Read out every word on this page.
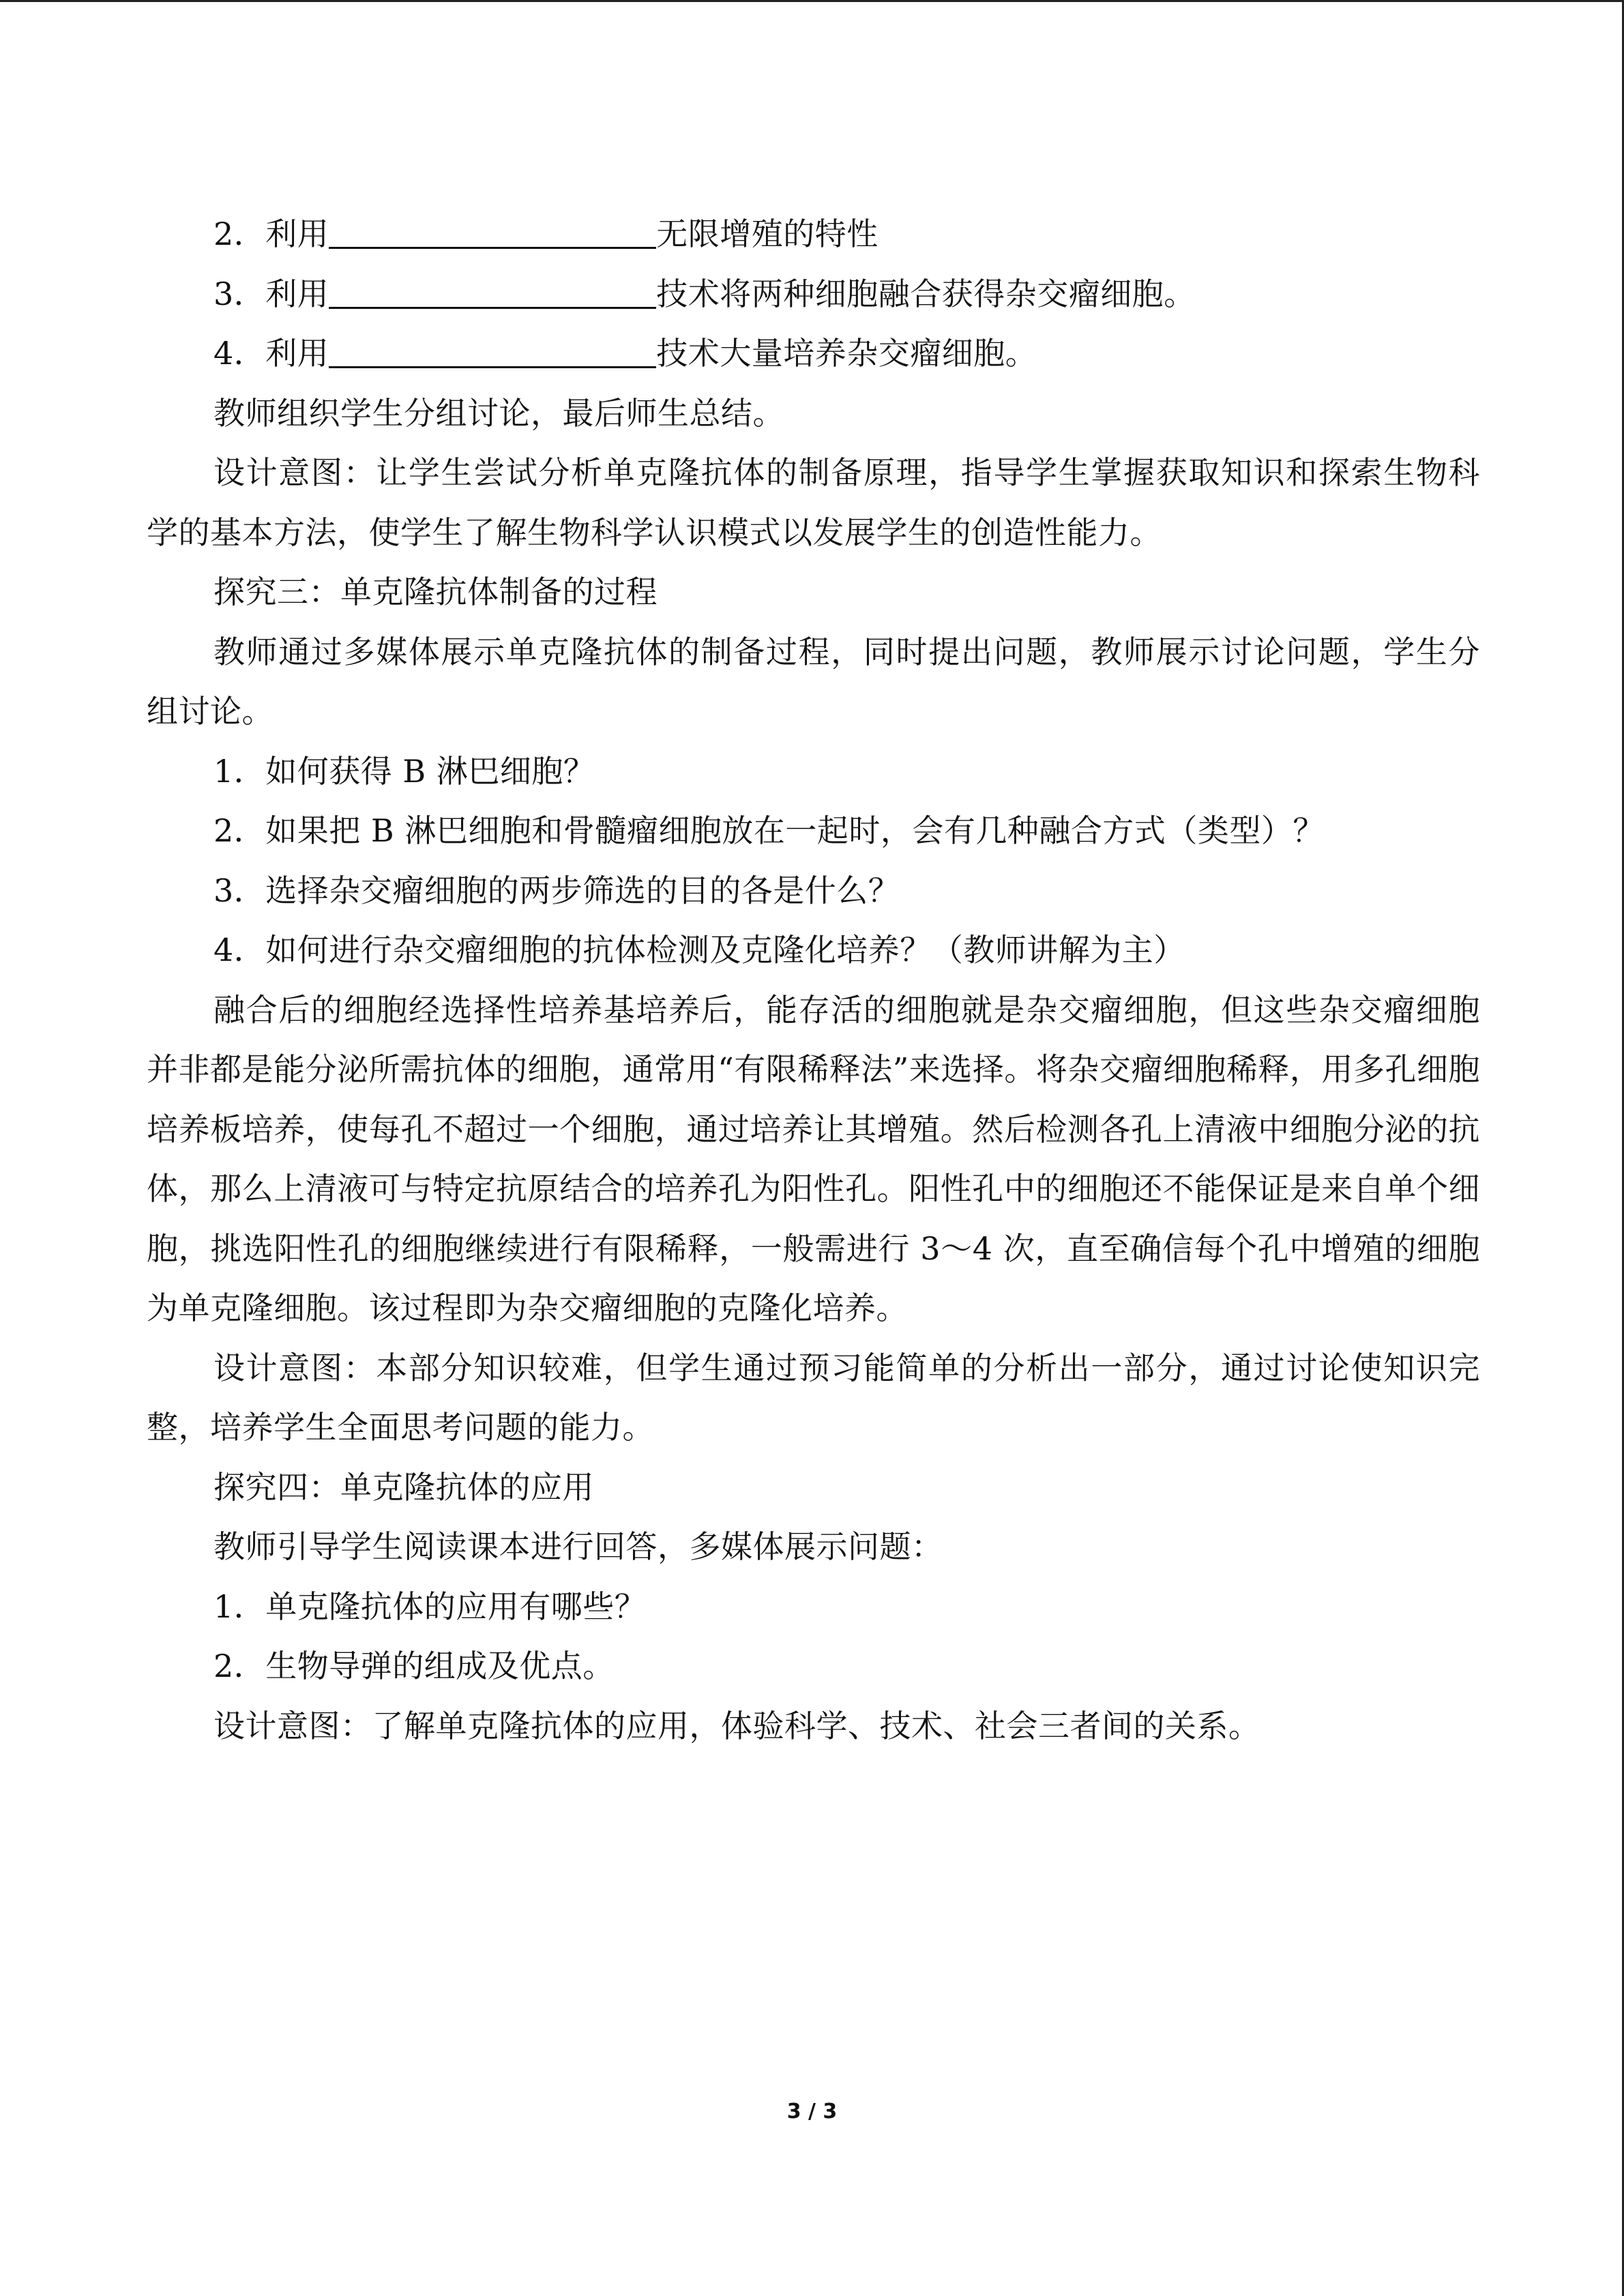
2．利用	无限增殖的特性

3．利用	技术将两种细胞融合获得杂交瘤细胞。

4．利用	技术大量培养杂交瘤细胞。

教师组织学生分组讨论，最后师生总结。

设计意图：让学生尝试分析单克隆抗体的制备原理，指导学生掌握获取知识和探索生物科学的基本方法，使学生了解生物科学认识模式以发展学生的创造性能力。

探究三：单克隆抗体制备的过程

教师通过多媒体展示单克隆抗体的制备过程，同时提出问题，教师展示讨论问题，学生分组讨论。

1．如何获得 B 淋巴细胞？

2．如果把 B 淋巴细胞和骨髓瘤细胞放在一起时，会有几种融合方式（类型）？

3．选择杂交瘤细胞的两步筛选的目的各是什么？

4．如何进行杂交瘤细胞的抗体检测及克隆化培养？（教师讲解为主）

融合后的细胞经选择性培养基培养后，能存活的细胞就是杂交瘤细胞，但这些杂交瘤细胞并非都是能分泌所需抗体的细胞，通常用“有限稀释法”来选择。将杂交瘤细胞稀释，用多孔细胞培养板培养，使每孔不超过一个细胞，通过培养让其增殖。然后检测各孔上清液中细胞分泌的抗体，那么上清液可与特定抗原结合的培养孔为阳性孔。阳性孔中的细胞还不能保证是来自单个细胞，挑选阳性孔的细胞继续进行有限稀释，一般需进行 3～4 次，直至确信每个孔中增殖的细胞为单克隆细胞。该过程即为杂交瘤细胞的克隆化培养。

设计意图：本部分知识较难，但学生通过预习能简单的分析出一部分，通过讨论使知识完整，培养学生全面思考问题的能力。

探究四：单克隆抗体的应用

教师引导学生阅读课本进行回答，多媒体展示问题：

1．单克隆抗体的应用有哪些？

2．生物导弹的组成及优点。

设计意图：了解单克隆抗体的应用，体验科学、技术、社会三者间的关系。

3 / 3
